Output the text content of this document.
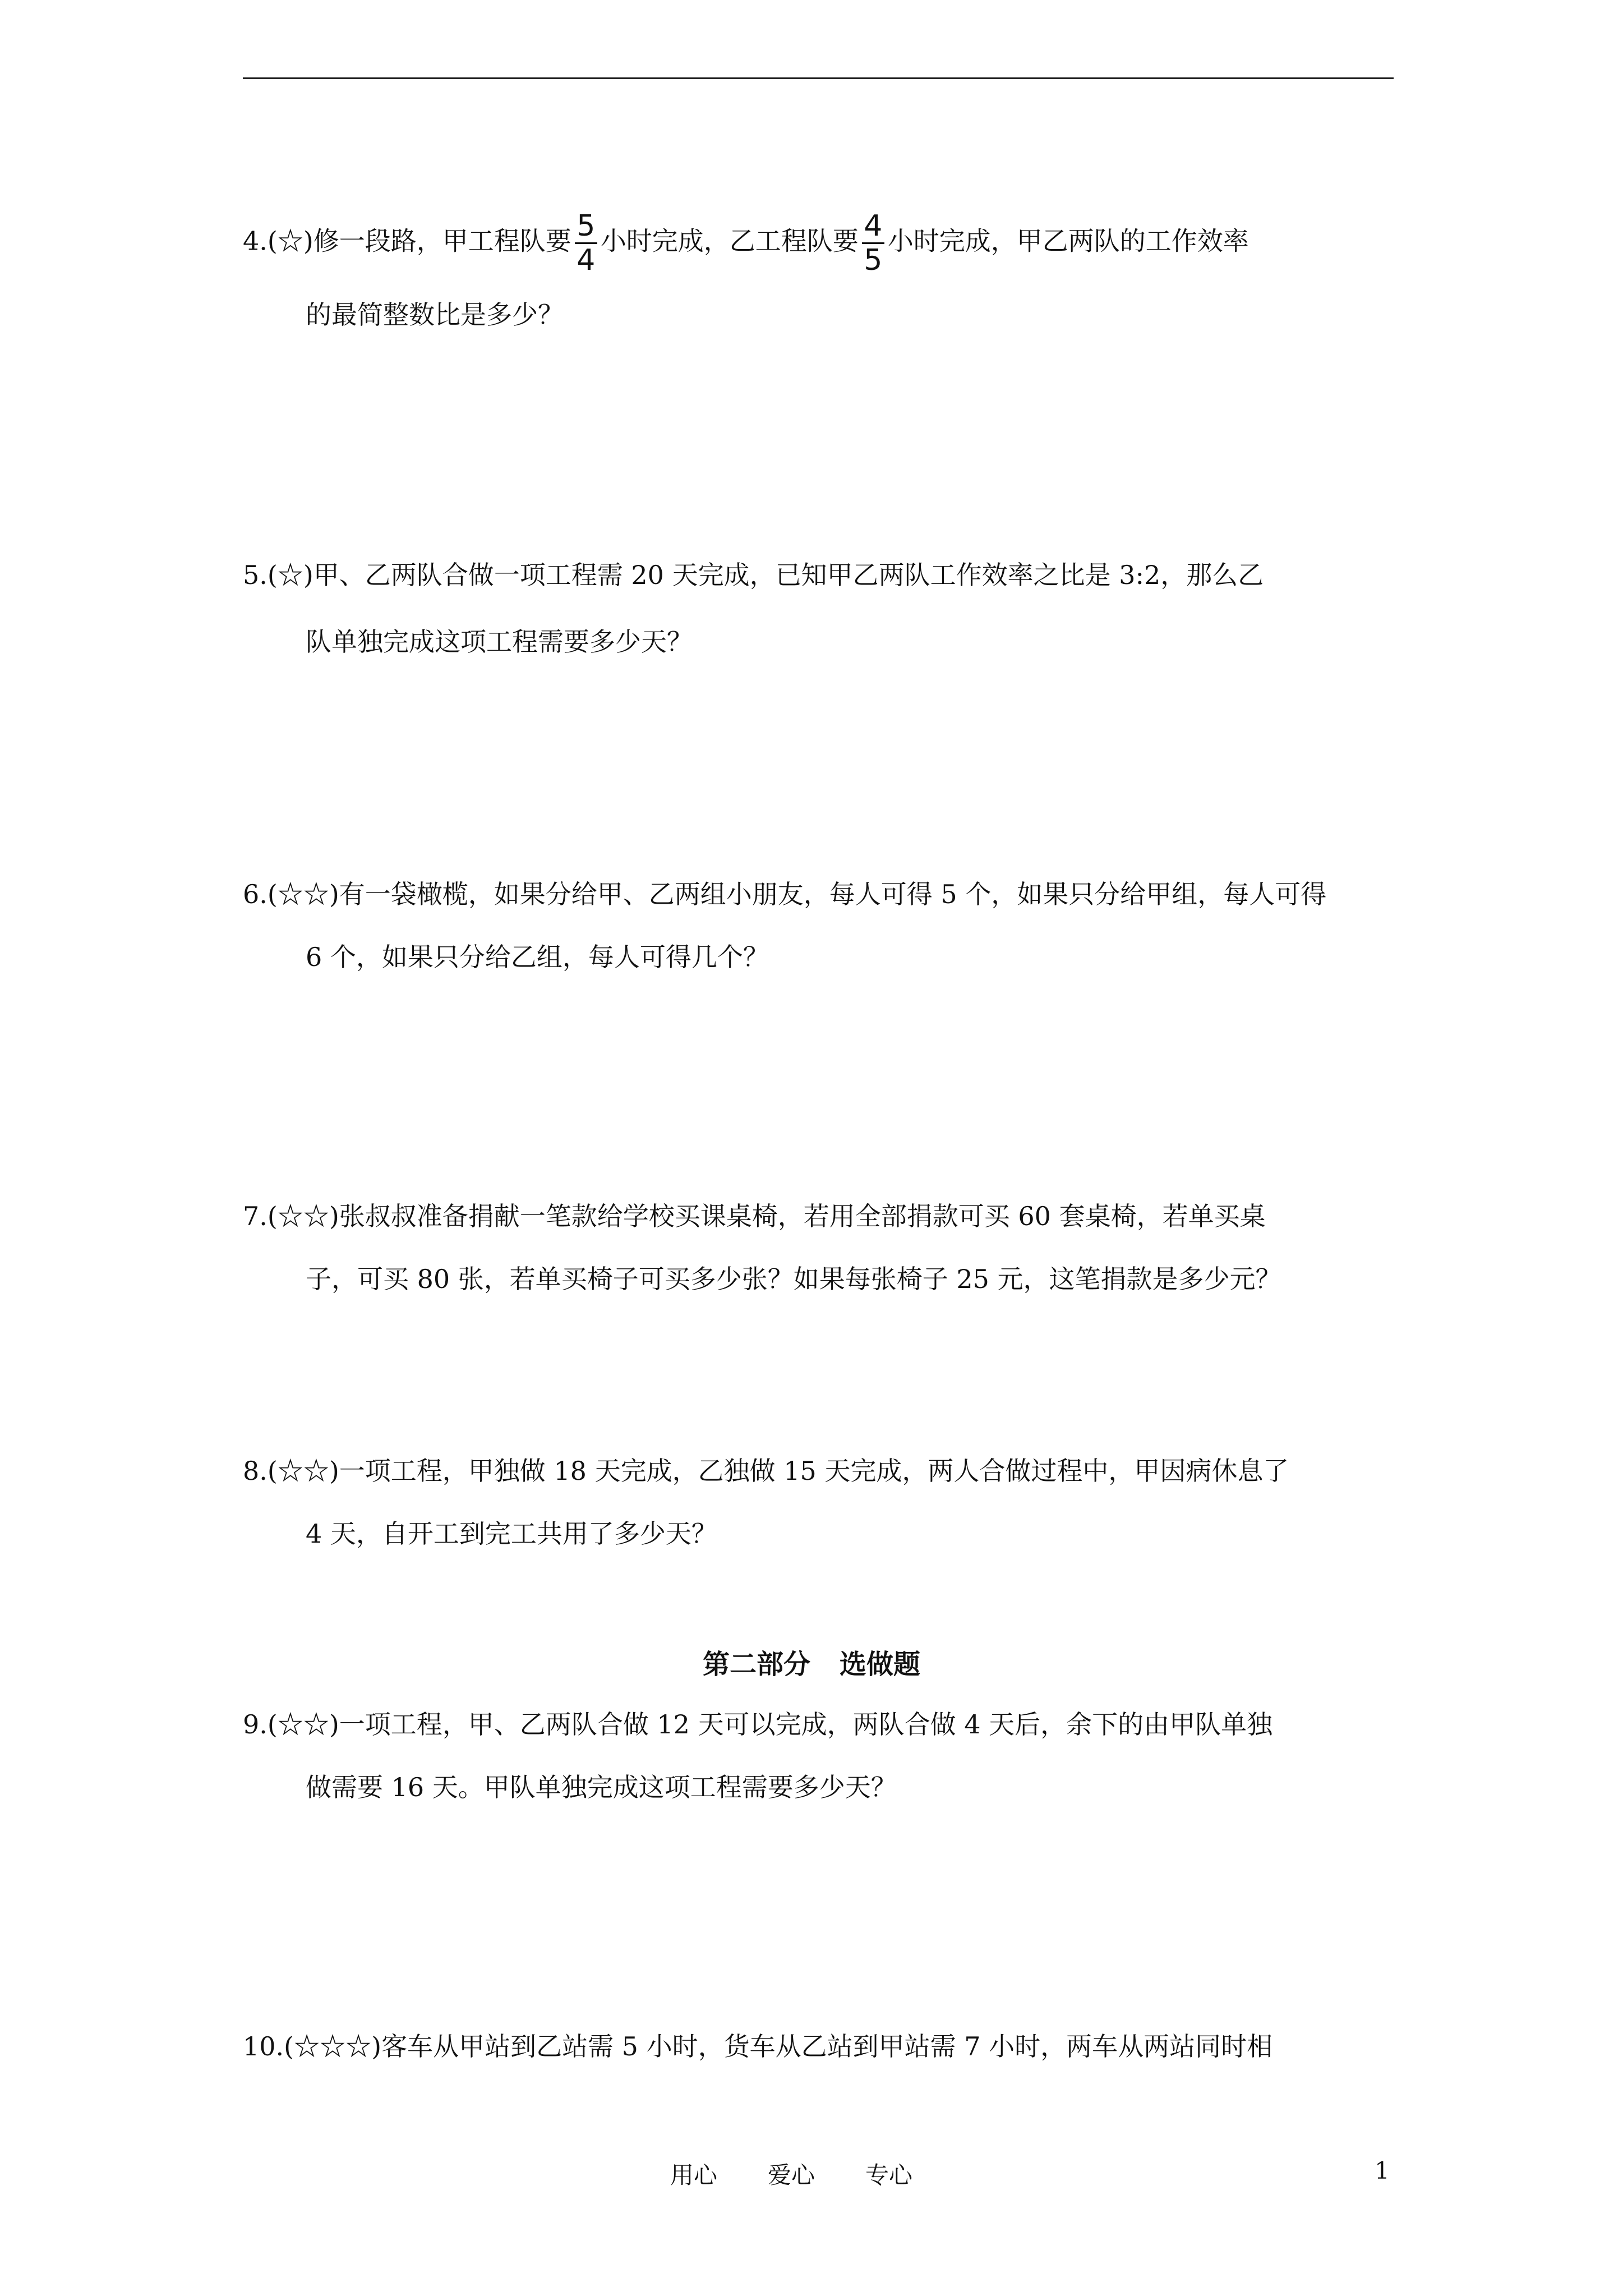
4.(☆)修一段路，甲工程队要 $\frac{5}{4}$ 小时完成，乙工程队要 $\frac{4}{5}$ 小时完成，甲乙两队的工作效率
的最简整数比是多少？
5.(☆)甲、乙两队合做一项工程需 20 天完成，已知甲乙两队工作效率之比是 3:2，那么乙
队单独完成这项工程需要多少天？
6.(☆☆)有一袋橄榄，如果分给甲、乙两组小朋友，每人可得 5 个，如果只分给甲组，每人可得
6 个，如果只分给乙组，每人可得几个？
7.(☆☆)张叔叔准备捐献一笔款给学校买课桌椅，若用全部捐款可买 60 套桌椅，若单买桌
子，可买 80 张，若单买椅子可买多少张？如果每张椅子 25 元，这笔捐款是多少元？
8.(☆☆)一项工程，甲独做 18 天完成，乙独做 15 天完成，两人合做过程中，甲因病休息了
4 天，自开工到完工共用了多少天？
第二部分 选做题
9.(☆☆)一项工程，甲、乙两队合做 12 天可以完成，两队合做 4 天后，余下的由甲队单独
做需要 16 天。甲队单独完成这项工程需要多少天？
10.(☆☆☆)客车从甲站到乙站需 5 小时，货车从乙站到甲站需 7 小时，两车从两站同时相
用心 爱心 专心	1
